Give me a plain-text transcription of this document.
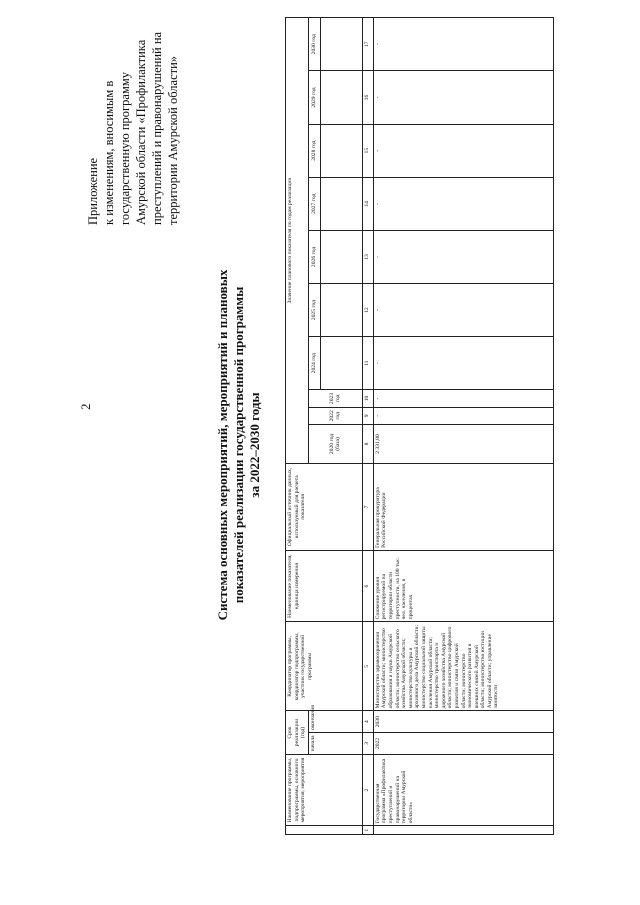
2
Приложение к изменениям, вносимым в государственную программу Амурской области «Профилактика преступлений и правонарушений на территории Амурской области»
Система основных мероприятий, мероприятий и плановых показателей реализации государственной программы за 2022–2030 годы
	Наименование программы, подпрограммы, основного мероприятия, мероприятия	Срок реализации (год)		Координатор программы, координатор подпрограммы, участник государственной программы	Наименование показателя, единица измерения	Официальный источник данных, используемый для расчета показателя	Значение планового показателя по годам реализации									
		начала	окончания				2020 год (база)	2022 год	2023 год	2024 год	2025 год	2026 год	2027 год	2028 год	2029 год	2030 год

1	2	3	4	5	6	7	8	9	10	11	12	13	14	15	16	17
	Государственная программа «Профилактика преступлений и правонарушений на территории Амурской области»	2022	2030	Министерство здравоохранения Амурской области; министерство образования и науки Амурской области; министерство сельского хозяйства Амурской области; министерство культуры и архивного дела Амурской области; министерство социальной защиты населения Амурской области; министерство транспорта и дорожного хозяйства Амурской области; министерство цифрового развития и связи Амурской области; министерство экономического развития и внешних связей Амурской области; министерство юстиции Амурской области; управление занятости	Снижение уровня регистрируемой на территории области преступности, на 100 тыс. чел. населения, в процентах	Генеральная прокуратура Российской Федерации	2 331,80	-	-	-	-	-	-	-	-	-
